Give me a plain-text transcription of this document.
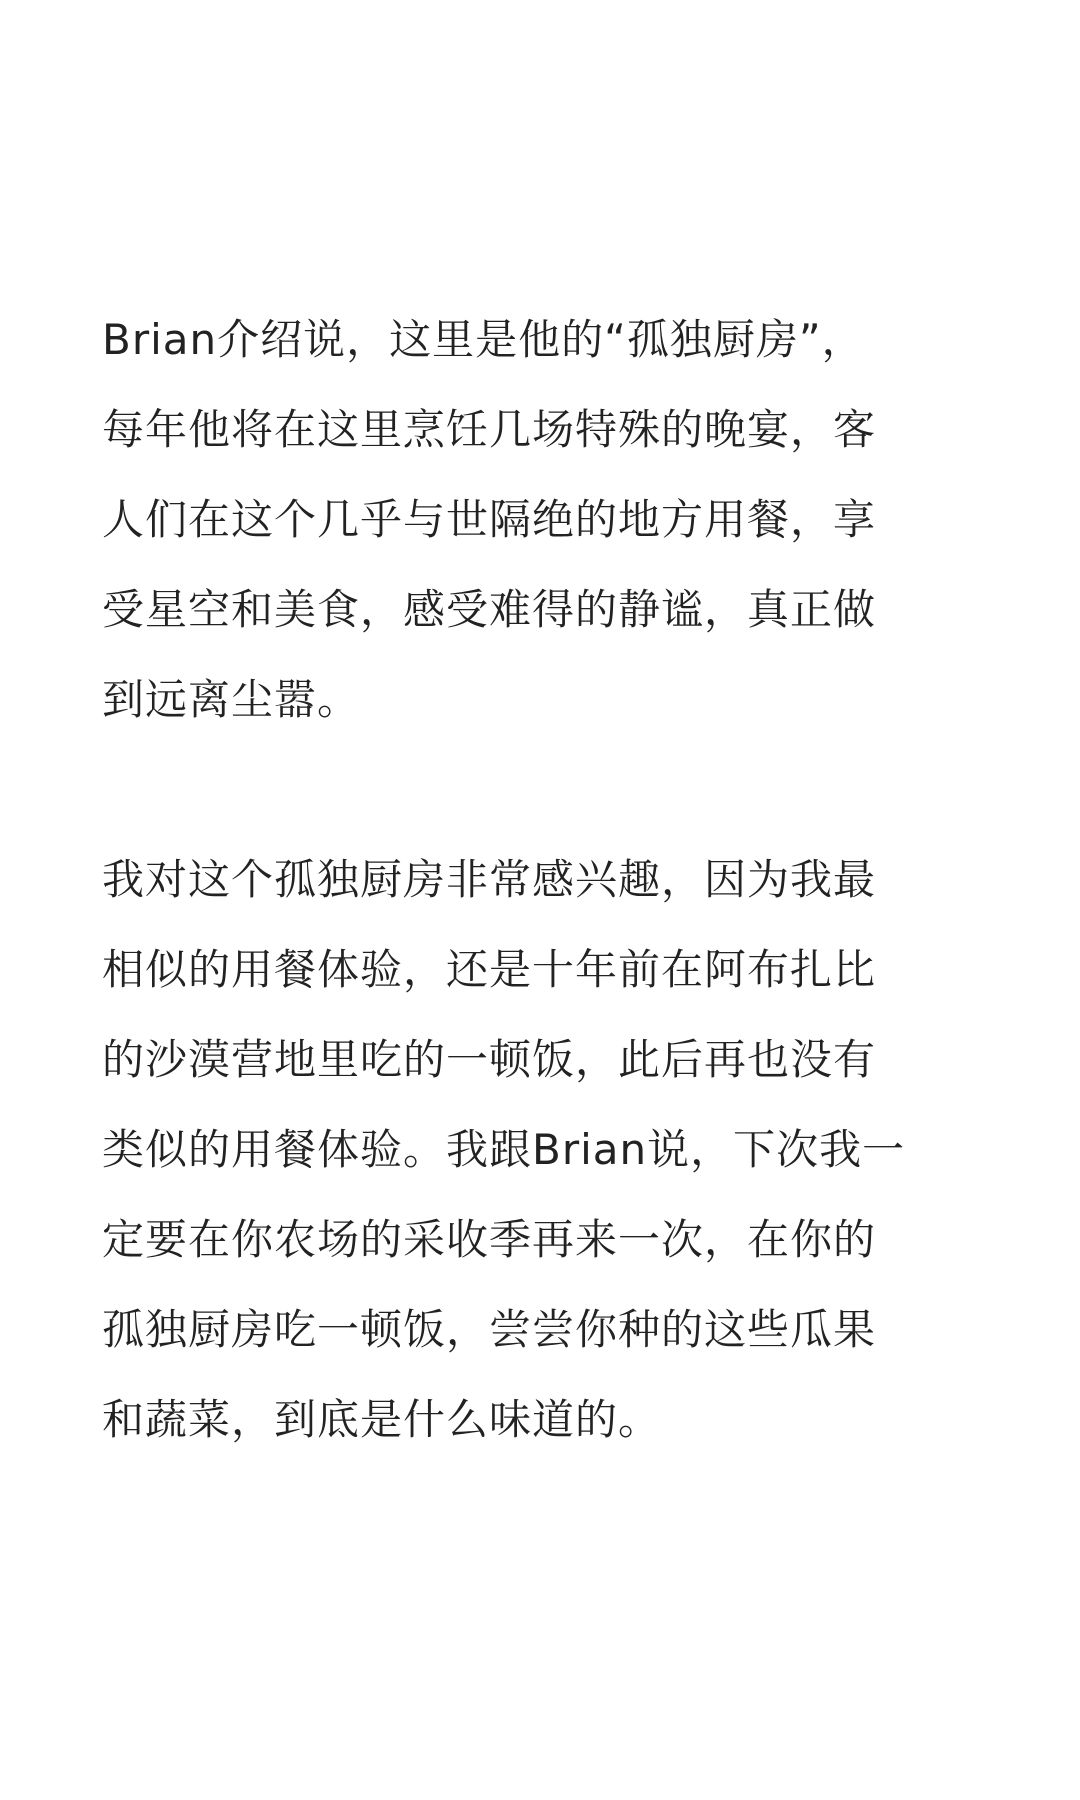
Brian介绍说，这里是他的“孤独厨房”，
每年他将在这里烹饪几场特殊的晚宴，客
人们在这个几乎与世隔绝的地方用餐，享
受星空和美食，感受难得的静谧，真正做
到远离尘嚣。
我对这个孤独厨房非常感兴趣，因为我最
相似的用餐体验，还是十年前在阿布扎比
的沙漠营地里吃的一顿饭，此后再也没有
类似的用餐体验。我跟Brian说，下次我一
定要在你农场的采收季再来一次，在你的
孤独厨房吃一顿饭，尝尝你种的这些瓜果
和蔬菜，到底是什么味道的。
